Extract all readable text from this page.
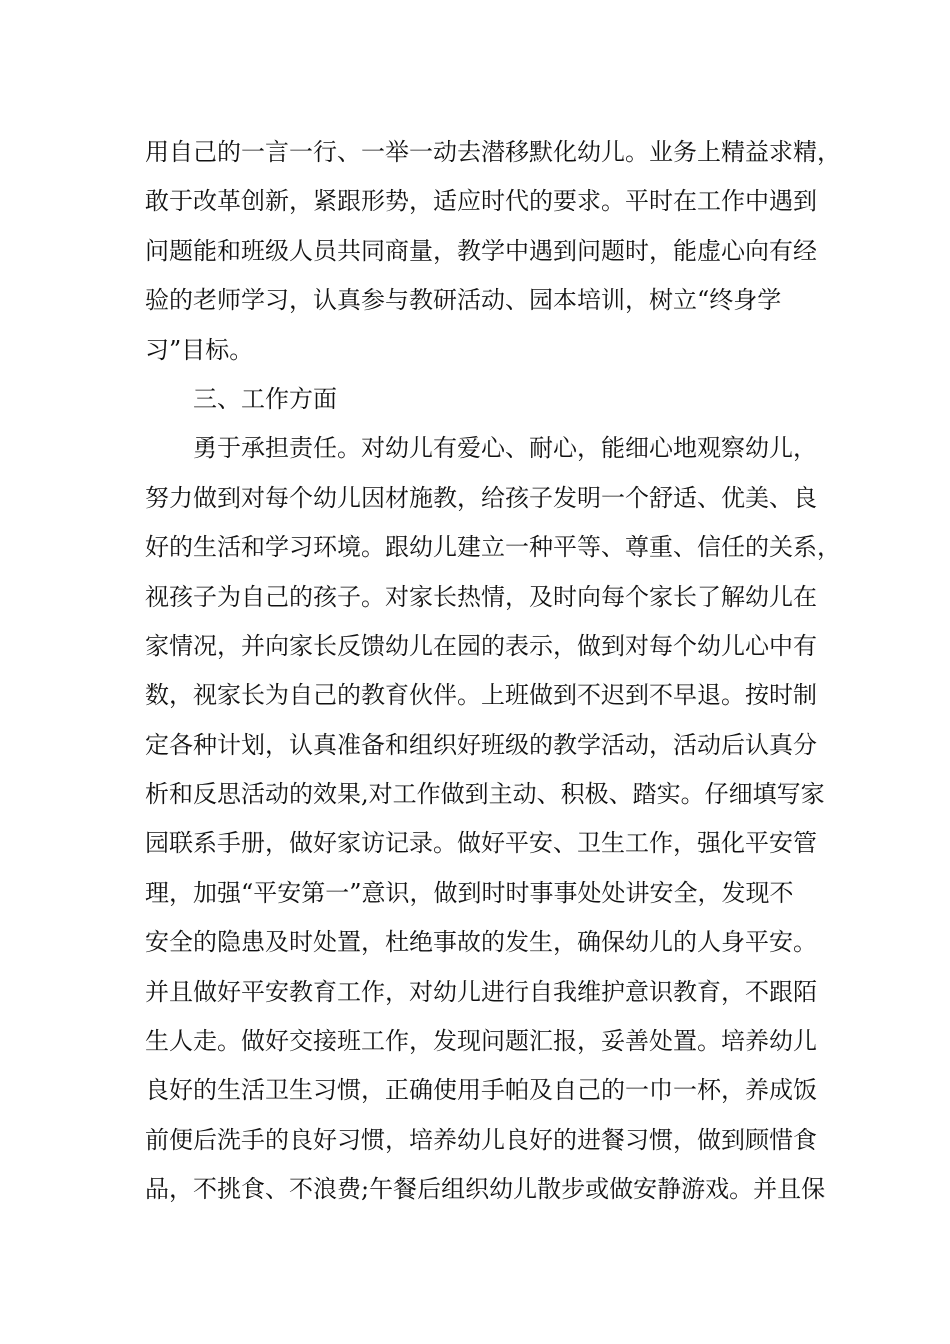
用自己的一言一行、一举一动去潜移默化幼儿。业务上精益求精，
敢于改革创新，紧跟形势，适应时代的要求。平时在工作中遇到
问题能和班级人员共同商量，教学中遇到问题时，能虚心向有经
验的老师学习，认真参与教研活动、园本培训，树立“终身学
习”目标。

三、工作方面

勇于承担责任。对幼儿有爱心、耐心，能细心地观察幼儿，
努力做到对每个幼儿因材施教，给孩子发明一个舒适、优美、良
好的生活和学习环境。跟幼儿建立一种平等、尊重、信任的关系，
视孩子为自己的孩子。对家长热情，及时向每个家长了解幼儿在
家情况，并向家长反馈幼儿在园的表示，做到对每个幼儿心中有
数，视家长为自己的教育伙伴。上班做到不迟到不早退。按时制
定各种计划，认真准备和组织好班级的教学活动，活动后认真分
析和反思活动的效果,对工作做到主动、积极、踏实。仔细填写家
园联系手册，做好家访记录。做好平安、卫生工作，强化平安管
理，加强“平安第一”意识，做到时时事事处处讲安全，发现不
安全的隐患及时处置，杜绝事故的发生，确保幼儿的人身平安。
并且做好平安教育工作，对幼儿进行自我维护意识教育，不跟陌
生人走。做好交接班工作，发现问题汇报，妥善处置。培养幼儿
良好的生活卫生习惯，正确使用手帕及自己的一巾一杯，养成饭
前便后洗手的良好习惯，培养幼儿良好的进餐习惯，做到顾惜食
品，不挑食、不浪费;午餐后组织幼儿散步或做安静游戏。并且保
